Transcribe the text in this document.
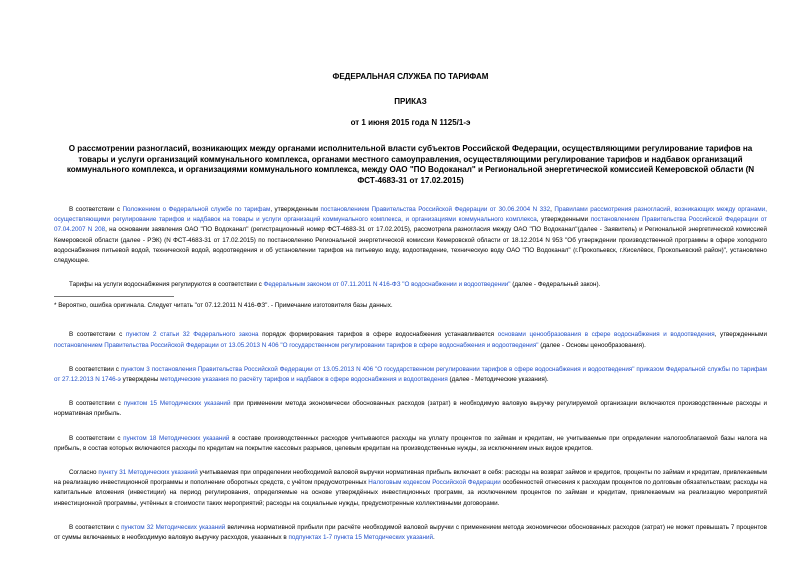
ФЕДЕРАЛЬНАЯ СЛУЖБА ПО ТАРИФАМ
ПРИКАЗ
от 1 июня 2015 года N 1125/1-э
О рассмотрении разногласий, возникающих между органами исполнительной власти субъектов Российской Федерации, осуществляющими регулирование тарифов на товары и услуги организаций коммунального комплекса, органами местного самоуправления, осуществляющими регулирование тарифов и надбавок организаций коммунального комплекса, и организациями коммунального комплекса, между ОАО "ПО Водоканал" и Региональной энергетической комиссией Кемеровской области (N ФСТ-4683-31 от 17.02.2015)

В соответствии с Положением о Федеральной службе по тарифам, утвержденным постановлением Правительства Российской Федерации от 30.06.2004 N 332, Правилами рассмотрения разногласий, возникающих между органами, осуществляющими регулирование тарифов и надбавок на товары и услуги организаций коммунального комплекса, и организациями коммунального комплекса, утвержденными постановлением Правительства Российской Федерации от 07.04.2007 N 208, на основании заявления ОАО "ПО Водоканал" (регистрационный номер ФСТ-4683-31 от 17.02.2015), рассмотрела разногласия между ОАО "ПО Водоканал"(далее - Заявитель) и Региональной энергетической комиссией Кемеровской области (далее - РЭК) (N ФСТ-4683-31 от 17.02.2015) по постановлению Региональной энергетической комиссии Кемеровской области от 18.12.2014 N 953 "Об утверждении производственной программы в сфере холодного водоснабжения питьевой водой, технической водой, водоотведения и об установлении тарифов на питьевую воду, водоотведение, техническую воду ОАО "ПО Водоканал" (г.Прокопьевск, г.Киселёвск, Прокопьевский район)", установлено следующее.

Тарифы на услуги водоснабжения регулируются в соответствии с Федеральным законом от 07.11.2011 N 416-ФЗ "О водоснабжении и водоотведении" (далее - Федеральный закон).

* Вероятно, ошибка оригинала. Следует читать "от 07.12.2011 N 416-ФЗ". - Примечание изготовителя базы данных.

В соответствии с пунктом 2 статьи 32 Федерального закона порядок формирования тарифов в сфере водоснабжения устанавливается основами ценообразования в сфере водоснабжения и водоотведения, утвержденными постановлением Правительства Российской Федерации от 13.05.2013 N 406 "О государственном регулировании тарифов в сфере водоснабжения и водоотведения" (далее - Основы ценообразования).

В соответствии с пунктом 3 постановления Правительства Российской Федерации от 13.05.2013 N 406 "О государственном регулировании тарифов в сфере водоснабжения и водоотведения" приказом Федеральной службы по тарифам от 27.12.2013 N 1746-э утверждены методические указания по расчёту тарифов и надбавок в сфере водоснабжения и водоотведения (далее - Методические указания).

В соответствии с пунктом 15 Методических указаний при применении метода экономически обоснованных расходов (затрат) в необходимую валовую выручку регулируемой организации включаются производственные расходы и нормативная прибыль.

В соответствии с пунктом 18 Методических указаний в составе производственных расходов учитываются расходы на уплату процентов по займам и кредитам, не учитываемые при определении налогооблагаемой базы налога на прибыль, в состав которых включаются расходы по кредитам на покрытие кассовых разрывов, целевым кредитам на производственные нужды, за исключением иных видов кредитов.

Согласно пункту 31 Методических указаний учитываемая при определении необходимой валовой выручки нормативная прибыль включает в себя: расходы на возврат займов и кредитов, проценты по займам и кредитам, привлекаемым на реализацию инвестиционной программы и пополнение оборотных средств, с учётом предусмотренных Налоговым кодексом Российской Федерации особенностей отнесения к расходам процентов по долговым обязательствам; расходы на капитальные вложения (инвестиции) на период регулирования, определяемые на основе утверждённых инвестиционных программ, за исключением процентов по займам и кредитам, привлекаемым на реализацию мероприятий инвестиционной программы, учтённых в стоимости таких мероприятий; расходы на социальные нужды, предусмотренные коллективными договорами.

В соответствии с пунктом 32 Методических указаний величина нормативной прибыли при расчёте необходимой валовой выручки с применением метода экономически обоснованных расходов (затрат) не может превышать 7 процентов от суммы включаемых в необходимую валовую выручку расходов, указанных в подпунктах 1-7 пункта 15 Методических указаний.
